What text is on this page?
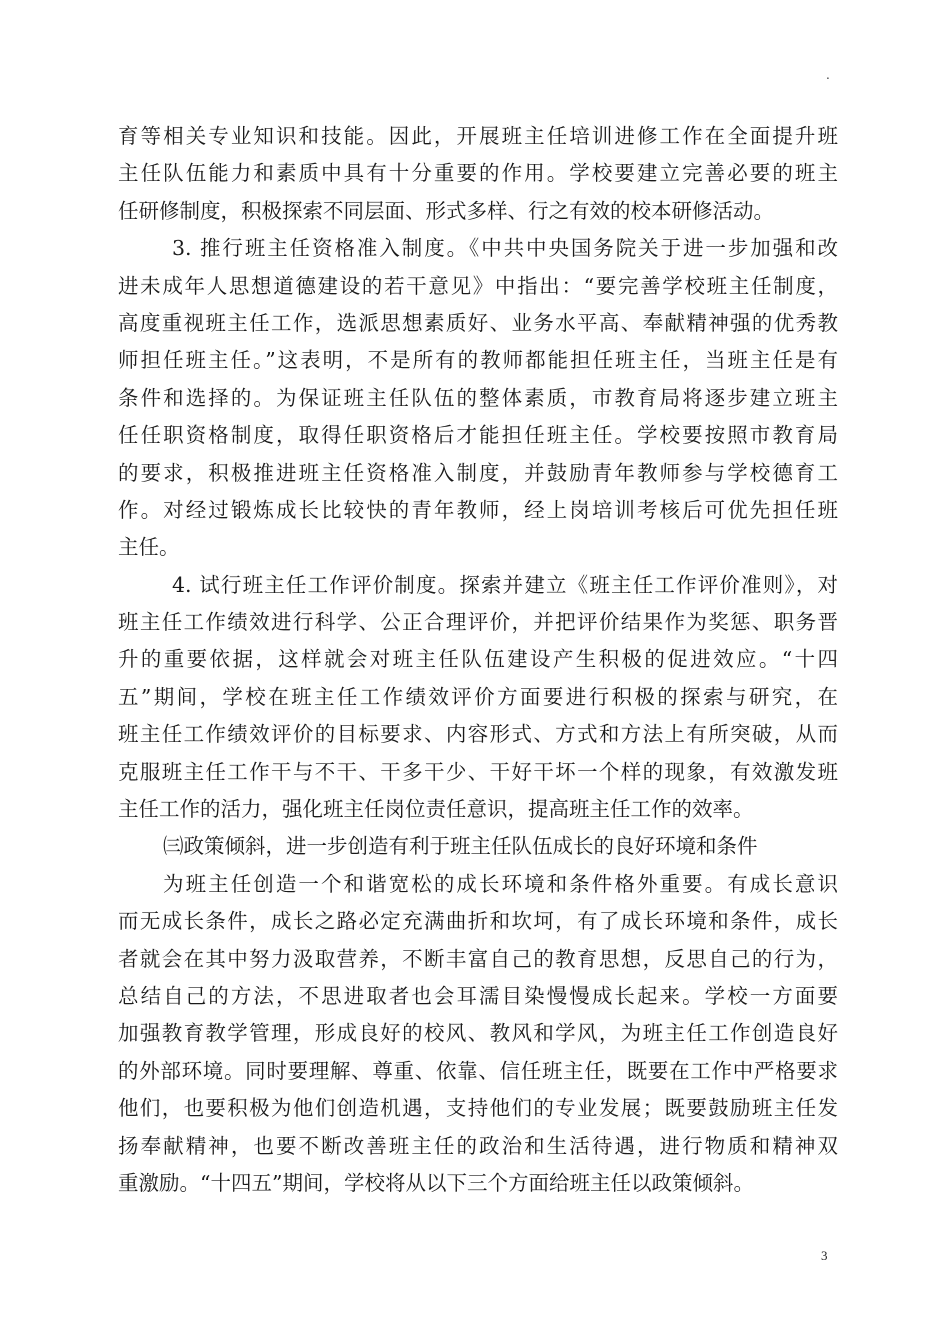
.
育等相关专业知识和技能。因此，开展班主任培训进修工作在全面提升班
主任队伍能力和素质中具有十分重要的作用。学校要建立完善必要的班主
任研修制度，积极探索不同层面、形式多样、行之有效的校本研修活动。
3. 推行班主任资格准入制度。《中共中央国务院关于进一步加强和改
进未成年人思想道德建设的若干意见》中指出：“要完善学校班主任制度，
高度重视班主任工作，选派思想素质好、业务水平高、奉献精神强的优秀教
师担任班主任。”这表明，不是所有的教师都能担任班主任，当班主任是有
条件和选择的。为保证班主任队伍的整体素质，市教育局将逐步建立班主
任任职资格制度，取得任职资格后才能担任班主任。学校要按照市教育局
的要求，积极推进班主任资格准入制度，并鼓励青年教师参与学校德育工
作。对经过锻炼成长比较快的青年教师，经上岗培训考核后可优先担任班
主任。
4. 试行班主任工作评价制度。探索并建立《班主任工作评价准则》，对
班主任工作绩效进行科学、公正合理评价，并把评价结果作为奖惩、职务晋
升的重要依据，这样就会对班主任队伍建设产生积极的促进效应。“十四
五”期间，学校在班主任工作绩效评价方面要进行积极的探索与研究，在
班主任工作绩效评价的目标要求、内容形式、方式和方法上有所突破，从而
克服班主任工作干与不干、干多干少、干好干坏一个样的现象，有效激发班
主任工作的活力，强化班主任岗位责任意识，提高班主任工作的效率。
㈢政策倾斜，进一步创造有利于班主任队伍成长的良好环境和条件
为班主任创造一个和谐宽松的成长环境和条件格外重要。有成长意识
而无成长条件，成长之路必定充满曲折和坎坷，有了成长环境和条件，成长
者就会在其中努力汲取营养，不断丰富自己的教育思想，反思自己的行为，
总结自己的方法，不思进取者也会耳濡目染慢慢成长起来。学校一方面要
加强教育教学管理，形成良好的校风、教风和学风，为班主任工作创造良好
的外部环境。同时要理解、尊重、依靠、信任班主任，既要在工作中严格要求
他们，也要积极为他们创造机遇，支持他们的专业发展；既要鼓励班主任发
扬奉献精神，也要不断改善班主任的政治和生活待遇，进行物质和精神双
重激励。“十四五”期间，学校将从以下三个方面给班主任以政策倾斜。
3
